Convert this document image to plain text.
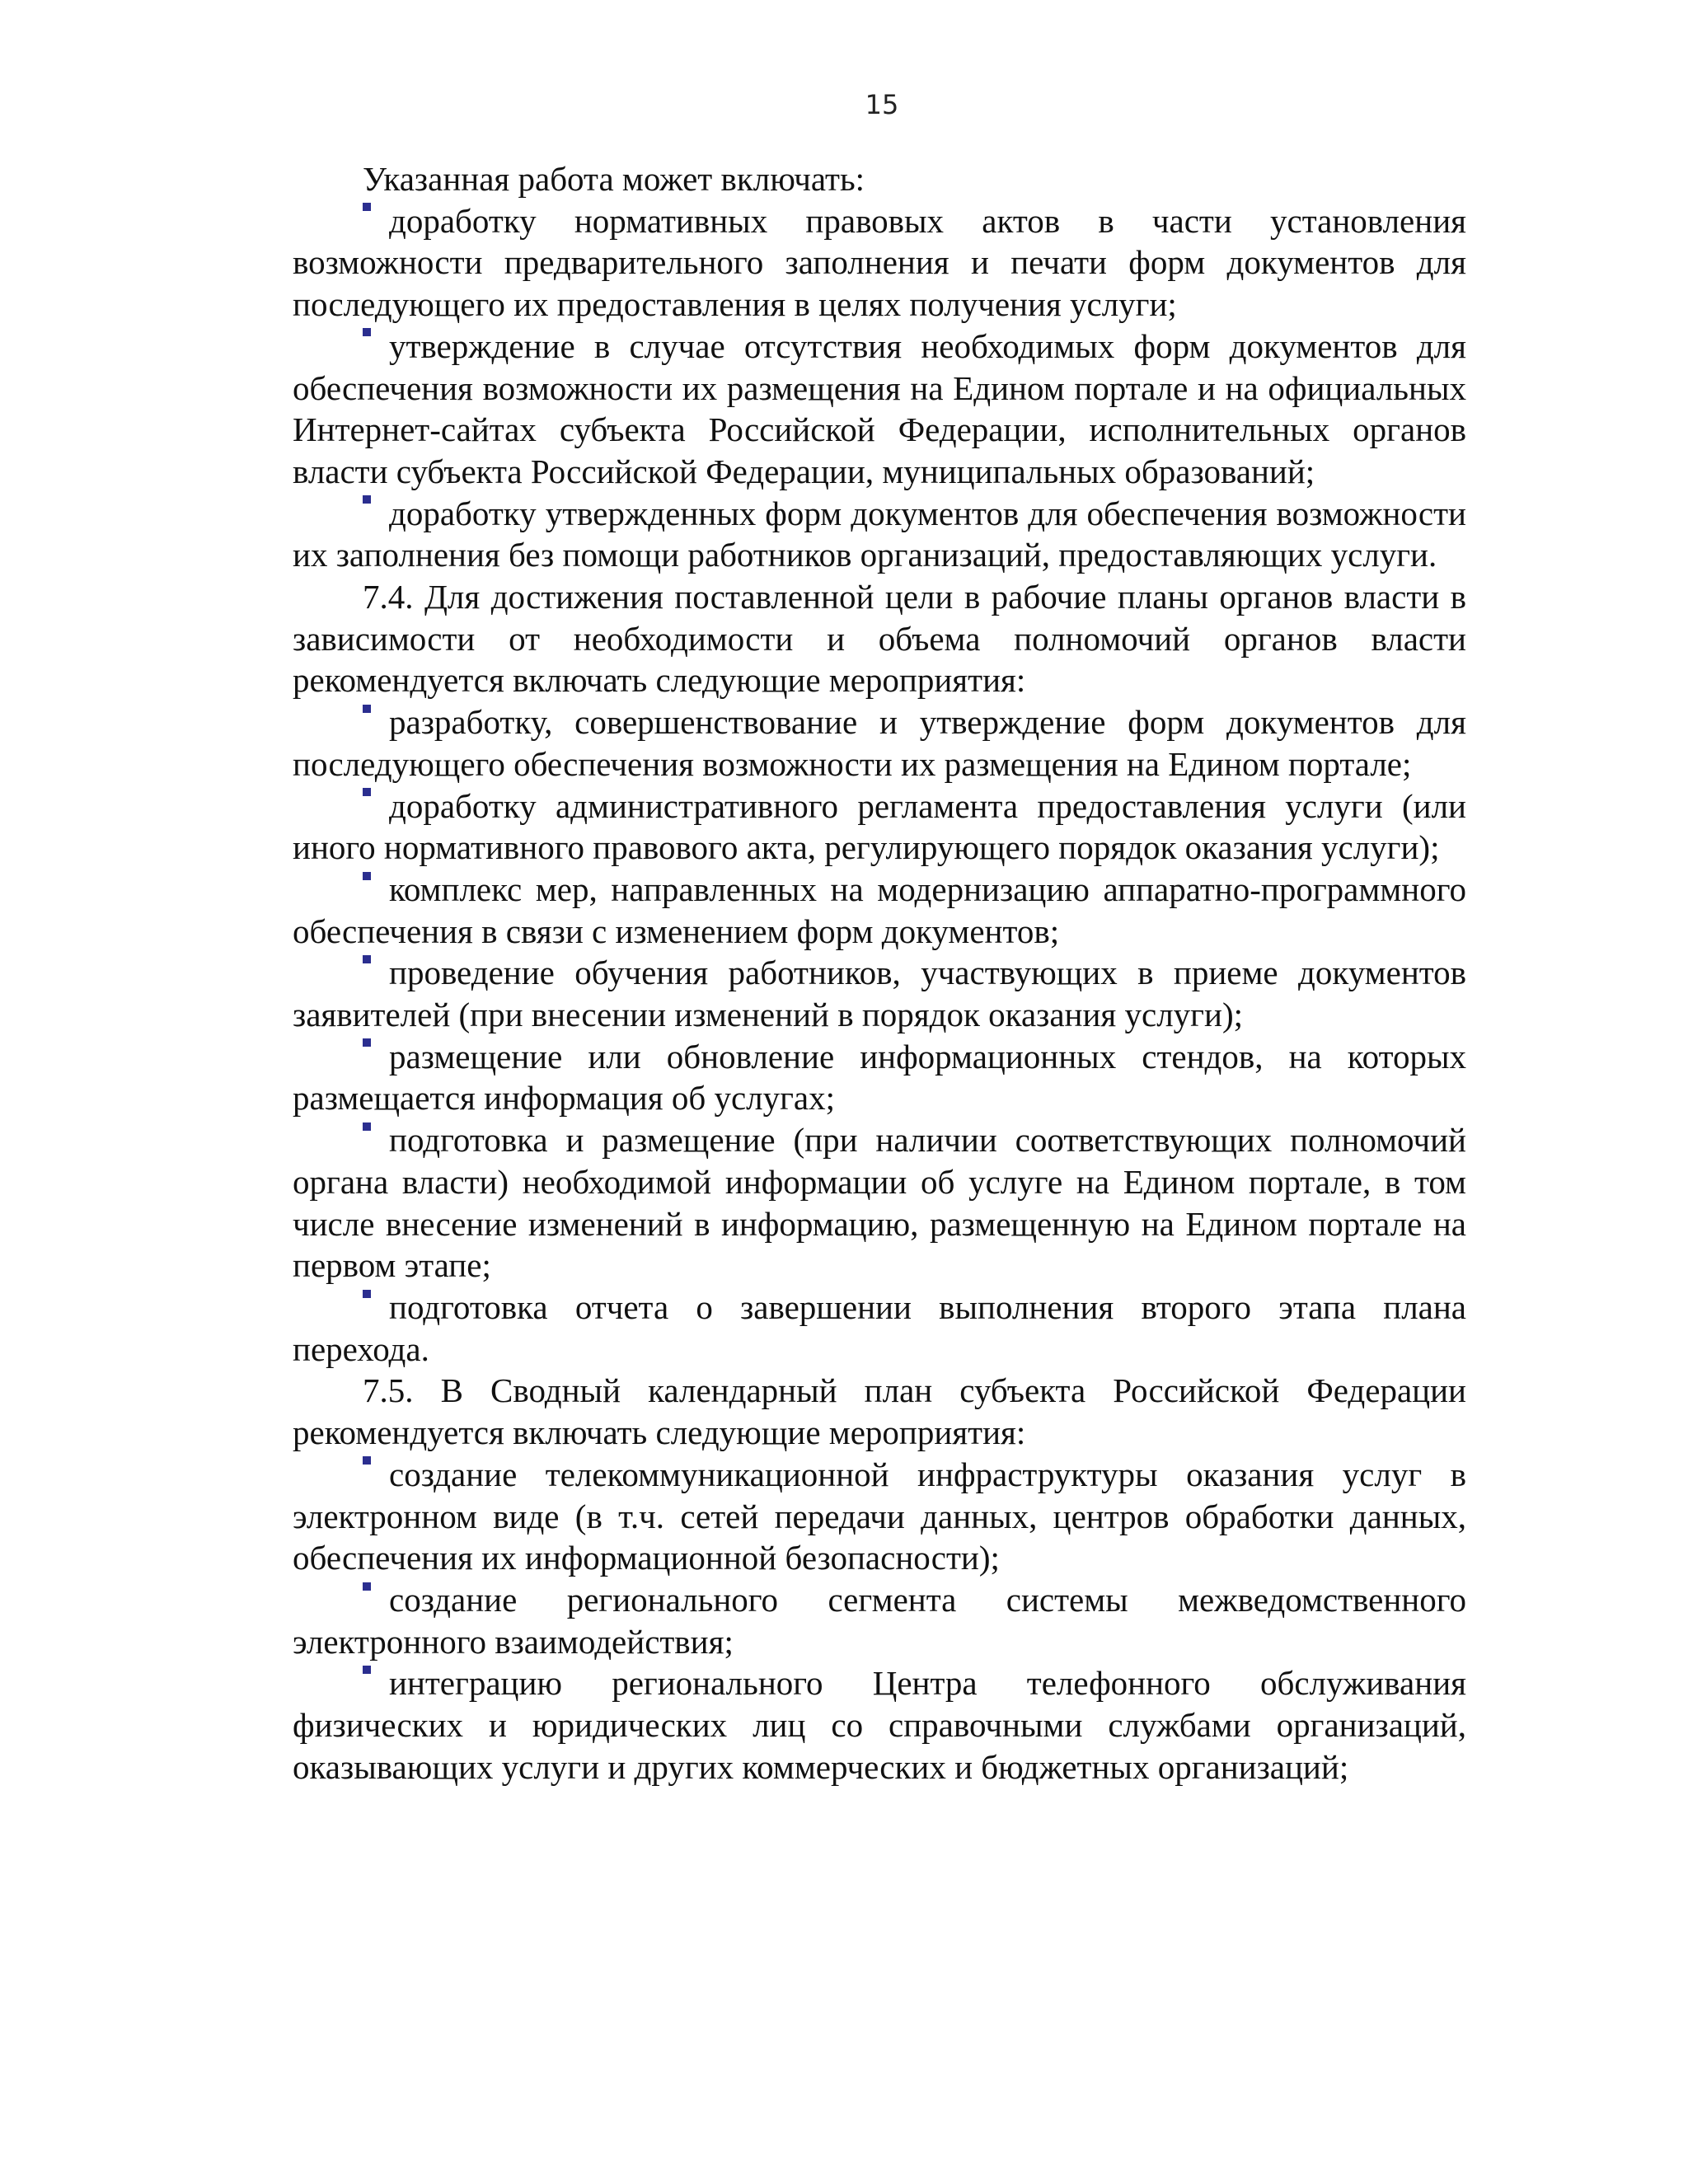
15

Указанная работа может включать:

доработку нормативных правовых актов в части установления возможности предварительного заполнения и печати форм документов для последующего их предоставления в целях получения услуги;

утверждение в случае отсутствия необходимых форм документов для обеспечения возможности их размещения на Едином портале и на официальных Интернет-сайтах субъекта Российской Федерации, исполнительных органов власти субъекта Российской Федерации, муниципальных образований;

доработку утвержденных форм документов для обеспечения возможности их заполнения без помощи работников организаций, предоставляющих услуги.

7.4. Для достижения поставленной цели в рабочие планы органов власти в зависимости от необходимости и объема полномочий органов власти рекомендуется включать следующие мероприятия:

разработку, совершенствование и утверждение форм документов для последующего обеспечения возможности их размещения на Едином портале;

доработку административного регламента предоставления услуги (или иного нормативного правового акта, регулирующего порядок оказания услуги);

комплекс мер, направленных на модернизацию аппаратно-программного обеспечения в связи с изменением форм документов;

проведение обучения работников, участвующих в приеме документов заявителей (при внесении изменений в порядок оказания услуги);

размещение или обновление информационных стендов, на которых размещается информация об услугах;

подготовка и размещение (при наличии соответствующих полномочий органа власти) необходимой информации об услуге на Едином портале, в том числе внесение изменений в информацию, размещенную на Едином портале на первом этапе;

подготовка отчета о завершении выполнения второго этапа плана перехода.

7.5. В Сводный календарный план субъекта Российской Федерации рекомендуется включать следующие мероприятия:

создание телекоммуникационной инфраструктуры оказания услуг в электронном виде (в т.ч. сетей передачи данных, центров обработки данных, обеспечения их информационной безопасности);

создание регионального сегмента системы межведомственного электронного взаимодействия;

интеграцию регионального Центра телефонного обслуживания физических и юридических лиц со справочными службами организаций, оказывающих услуги и других коммерческих и бюджетных организаций;
